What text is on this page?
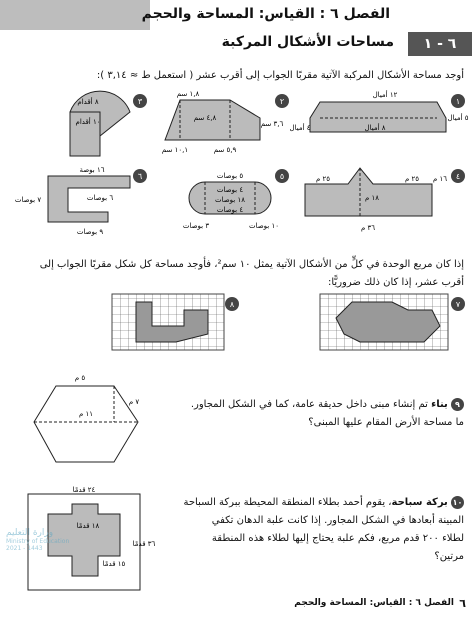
الفصل ٦ : القياس: المساحة والحجم
٦ - ١
مساحات الأشكال المركبة
أوجد مساحة الأشكال المركبة الآتية مقربًا الجواب إلى أقرب عشر ( استعمل ط ≈ ٣,١٤ ):
١٢ أميال
٤ أميال	٨ أميال
٥ أميال
١
٤,٨ سم
٣,٦ سم
١,٨ سم
١٠,١ سم	٥,٩ سم
٢
١٠ أقدام
٨ أقدام	٣
٢٥ م
١٨ م
٢٥ م
٣٦ م
١٦ م ٤
٥ بوصات
٤ بوصات
١٨ بوصات
٤ بوصات
٣ بوصات	١٠ بوصات
٥
١٦ بوصة
٧ بوصات	٦ بوصات
٩ بوصات
٦
إذا كان مربع الوحدة في كلٍّ من الأشكال الآتية يمثل ١٠ سم²، فأوجد مساحة كل شكل مقربًا الجواب إلى
أقرب عشر، إذا كان ذلك ضروريًّا:
٨	٧
٥ م
١١ م
٧ م	٩ بناء تم إنشاء مبنى داخل حديقة عامة، كما في الشكل المجاور.
ما مساحة الأرض المقام عليها المبنى؟
٢٤ قدمًا
١٨ قدمًا
٣٦ قدمًا
١٥ قدمًا
١٠ بركة سباحة، يقوم أحمد بطلاء المنطقة المحيطة ببركة السباحة
المبينة أبعادها في الشكل المجاور. إذا كانت علبة الدهان تكفي
لطلاء ٢٠٠ قدم مربع، فكم علبة يحتاج إليها لطلاء هذه المنطقة
مرتين؟
وزارة التعليم
Ministry of Education
2021 - 1443
الفصل ٦ : القياس: المساحة والحجم ٦
